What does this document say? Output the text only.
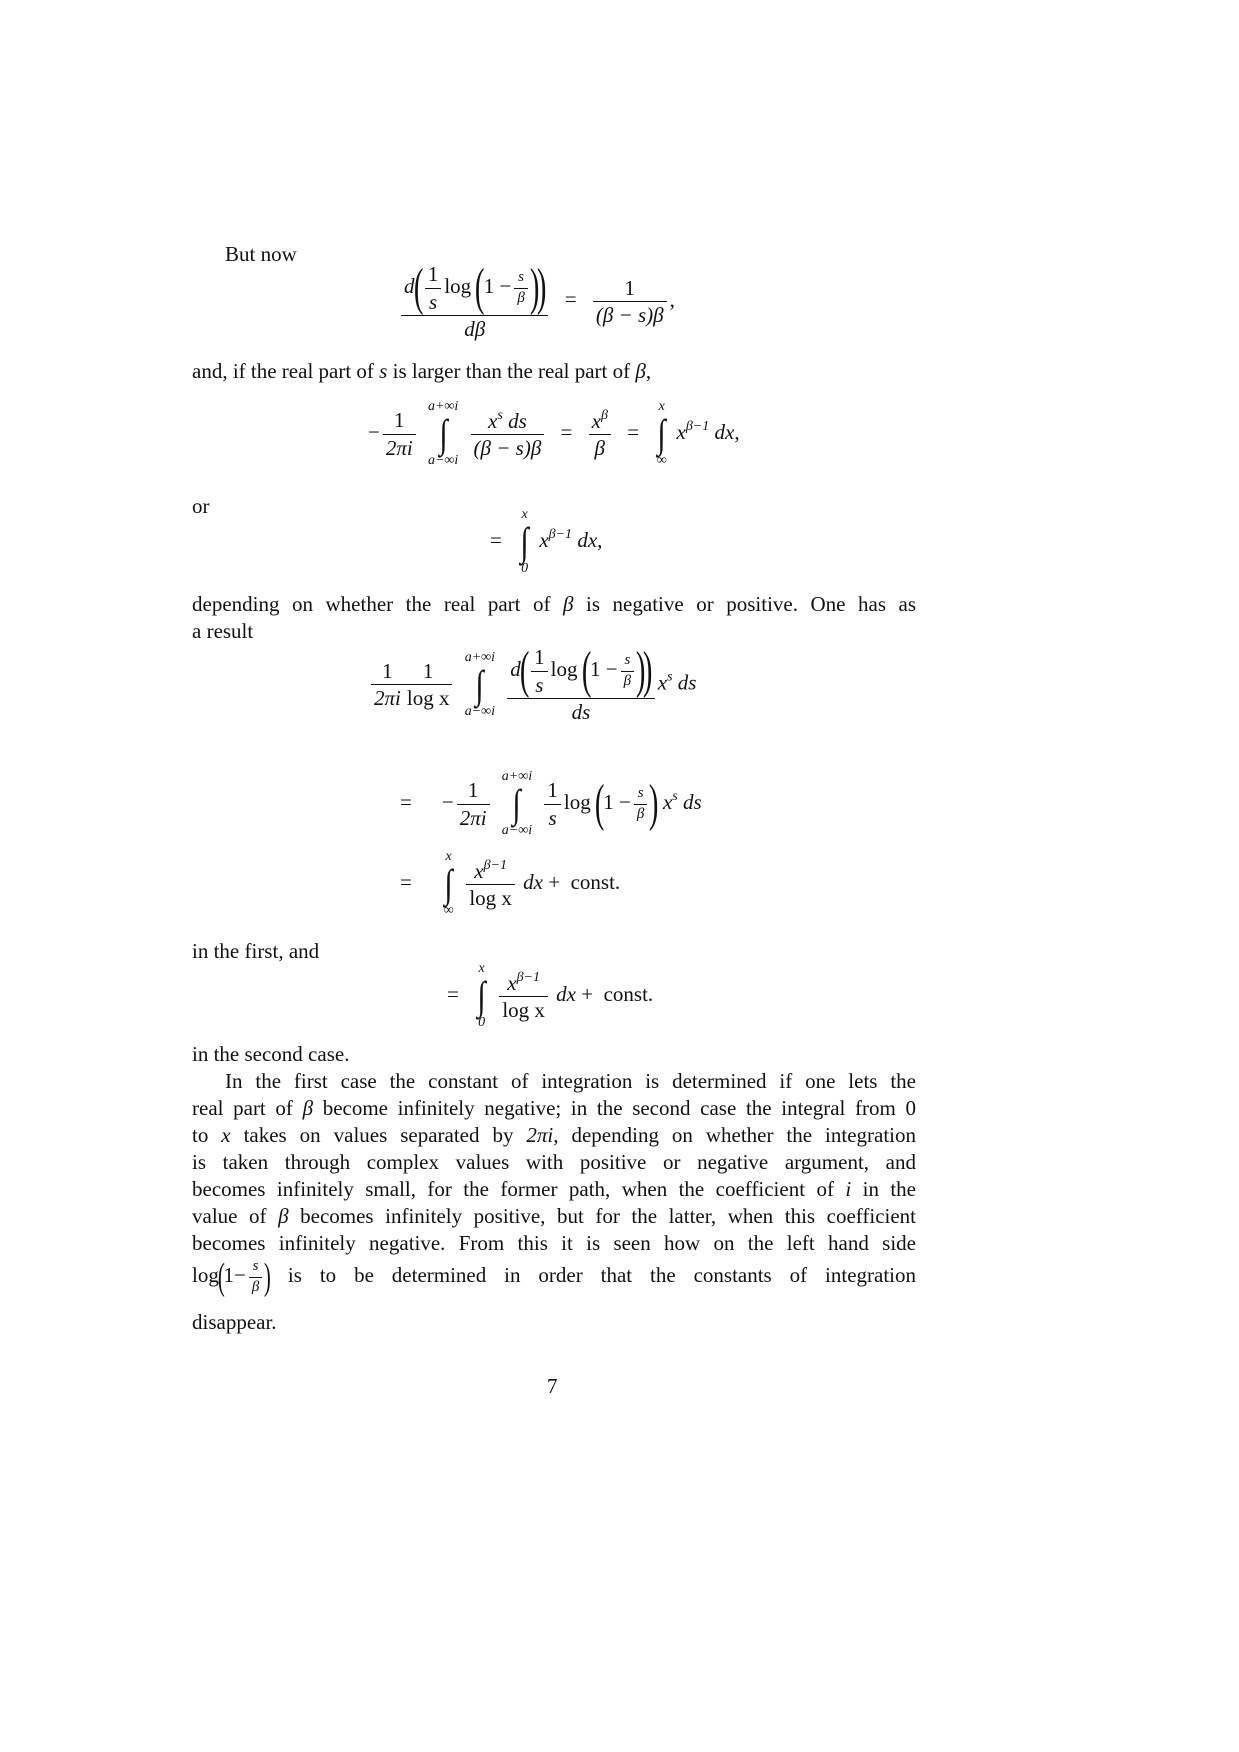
But now
$\frac{d( \frac{1}{s} \log (1 - \frac{s}{\beta} ))}{d\beta} = \frac{1}{(\beta - s)\beta}$ ,
and, if the real part of s is larger than the real part of β,
− $\frac{1}{2\pi i}$

a+∞i
∫
a−∞i

$\frac{x^s ds}{(\beta - s)\beta} = \frac{x^\beta}{\beta}$ =
x
∫
∞
$x^{\beta-1}$ dx,
or
=
x
∫
0
$x^{\beta-1}$ dx,
depending on whether the real part of β is negative or positive. One has as
a result
$\frac{1}{2\pi i} \frac{1}{\text{log x}}$

a+∞i
∫
a−∞i
$\frac{d( \frac{1}{s} \log (1 - \frac{s}{\beta} ))}{ds} x^s$ ds
= − $\frac{1}{2\pi i}$

a+∞i
∫
a−∞i

$\frac{1}{s}$ $\log (1 - \frac{s}{\beta}$ ) $x^s$ ds
=
x
∫
∞

$\frac{x^{\beta-1}}{\text{log x}}$ dx + const.
in the first, and
=
x
∫
0

$\frac{x^{\beta-1}}{\text{log x}}$ dx + const.
in the second case.
In the first case the constant of integration is determined if one lets the
real part of β become infinitely negative; in the second case the integral from 0
to x takes on values separated by 2πi, depending on whether the integration
is taken through complex values with positive or negative argument, and
becomes infinitely small, for the former path, when the coefficient of i in the
value of β becomes infinitely positive, but for the latter, when this coefficient
becomes infinitely negative. From this it is seen how on the left hand side
$\log(1- \frac{s}{\beta}$ ) is to be determined in order that the constants of integration
disappear.
7
